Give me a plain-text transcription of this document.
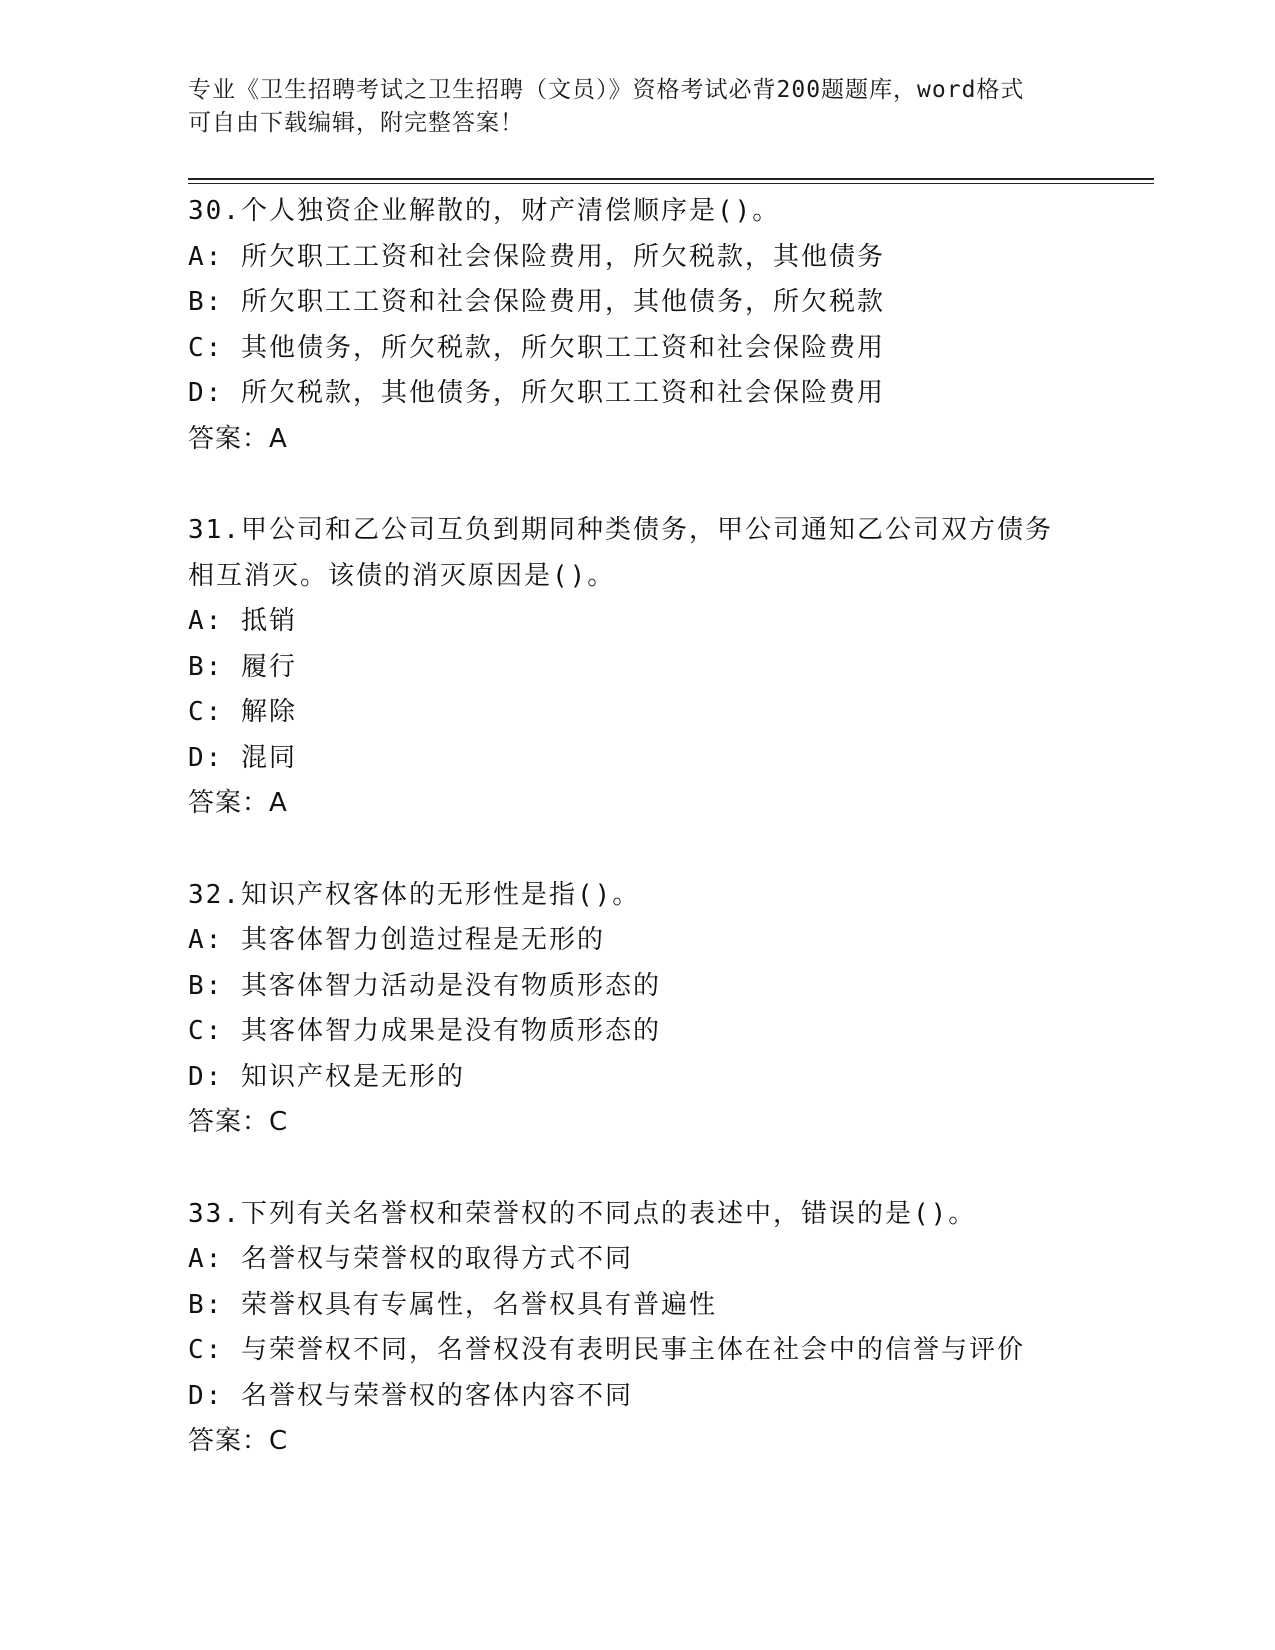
专业《卫生招聘考试之卫生招聘（文员）》资格考试必背200题题库，word格式
可自由下载编辑，附完整答案！
30.个人独资企业解散的，财产清偿顺序是()。
A: 所欠职工工资和社会保险费用，所欠税款，其他债务
B: 所欠职工工资和社会保险费用，其他债务，所欠税款
C: 其他债务，所欠税款，所欠职工工资和社会保险费用
D: 所欠税款，其他债务，所欠职工工资和社会保险费用
答案：A
31.甲公司和乙公司互负到期同种类债务，甲公司通知乙公司双方债务
相互消灭。该债的消灭原因是()。
A: 抵销
B: 履行
C: 解除
D: 混同
答案：A
32.知识产权客体的无形性是指()。
A: 其客体智力创造过程是无形的
B: 其客体智力活动是没有物质形态的
C: 其客体智力成果是没有物质形态的
D: 知识产权是无形的
答案：C
33.下列有关名誉权和荣誉权的不同点的表述中，错误的是()。
A: 名誉权与荣誉权的取得方式不同
B: 荣誉权具有专属性，名誉权具有普遍性
C: 与荣誉权不同，名誉权没有表明民事主体在社会中的信誉与评价
D: 名誉权与荣誉权的客体内容不同
答案：C
